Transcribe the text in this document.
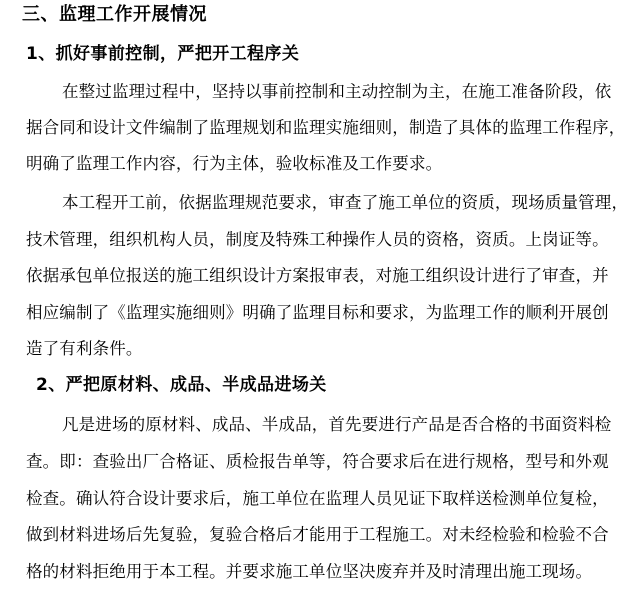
三、监理工作开展情况
1、抓好事前控制，严把开工程序关
在整过监理过程中，坚持以事前控制和主动控制为主，在施工准备阶段，依
据合同和设计文件编制了监理规划和监理实施细则，制造了具体的监理工作程序，
明确了监理工作内容，行为主体，验收标准及工作要求。
本工程开工前，依据监理规范要求，审查了施工单位的资质，现场质量管理，
技术管理，组织机构人员，制度及特殊工种操作人员的资格，资质。上岗证等。
依据承包单位报送的施工组织设计方案报审表，对施工组织设计进行了审查，并
相应编制了《监理实施细则》明确了监理目标和要求，为监理工作的顺利开展创
造了有利条件。
2、严把原材料、成品、半成品进场关
凡是进场的原材料、成品、半成品，首先要进行产品是否合格的书面资料检
查。即：查验出厂合格证、质检报告单等，符合要求后在进行规格，型号和外观
检查。确认符合设计要求后，施工单位在监理人员见证下取样送检测单位复检，
做到材料进场后先复验，复验合格后才能用于工程施工。对未经检验和检验不合
格的材料拒绝用于本工程。并要求施工单位坚决废弃并及时清理出施工现场。
